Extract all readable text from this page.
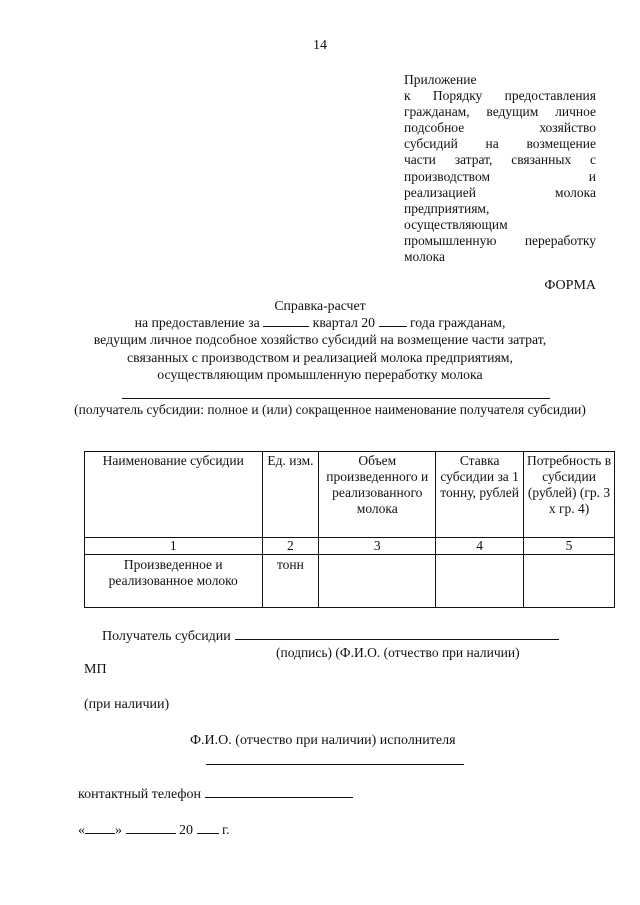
14
Приложение
к Порядку предоставления
гражданам, ведущим личное
подсобное хозяйство
субсидий на возмещение
части затрат, связанных с
производством и
реализацией молока
предприятиям,
осуществляющим
промышленную переработку
молока
ФОРМА
Справка-расчет
на предоставление за	квартал 20	года гражданам,
ведущим личное подсобное хозяйство субсидий на возмещение части затрат,
связанных с производством и реализацией молока предприятиям,
осуществляющим промышленную переработку молока
(получатель субсидии: полное и (или) сокращенное наименование получателя субсидии)
Наименование субсидии	Ед. изм.	Объем произведенного и реализованного молока	Ставка субсидии за 1 тонну, рублей	Потребность в субсидии (рублей) (гр. 3 х гр. 4)
1	2	3	4	5
Произведенное и реализованное молоко	тонн			
Получатель субсидии
(подпись) (Ф.И.О. (отчество при наличии)
МП
(при наличии)
Ф.И.О. (отчество при наличии) исполнителя
контактный телефон
« »	20 г.
